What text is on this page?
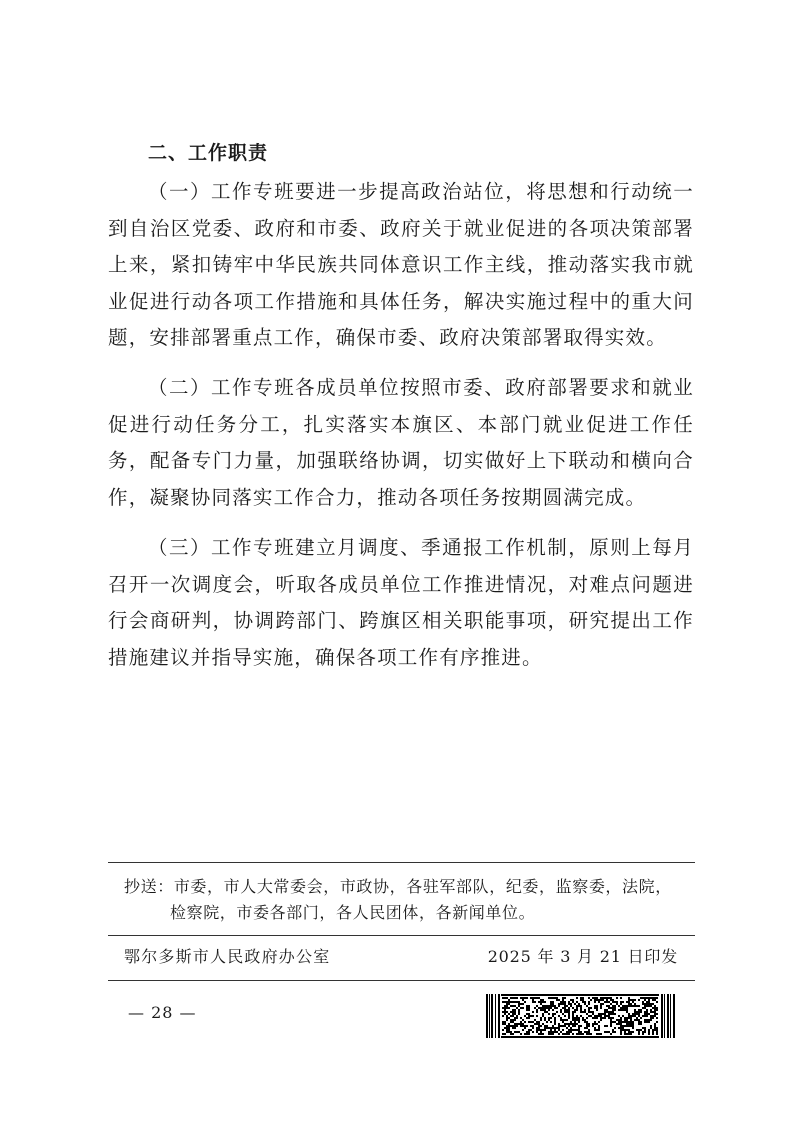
二、工作职责

（一）工作专班要进一步提高政治站位，将思想和行动统一到自治区党委、政府和市委、政府关于就业促进的各项决策部署上来，紧扣铸牢中华民族共同体意识工作主线，推动落实我市就业促进行动各项工作措施和具体任务，解决实施过程中的重大问题，安排部署重点工作，确保市委、政府决策部署取得实效。

（二）工作专班各成员单位按照市委、政府部署要求和就业促进行动任务分工，扎实落实本旗区、本部门就业促进工作任务，配备专门力量，加强联络协调，切实做好上下联动和横向合作，凝聚协同落实工作合力，推动各项任务按期圆满完成。

（三）工作专班建立月调度、季通报工作机制，原则上每月召开一次调度会，听取各成员单位工作推进情况，对难点问题进行会商研判，协调跨部门、跨旗区相关职能事项，研究提出工作措施建议并指导实施，确保各项工作有序推进。

抄送：市委，市人大常委会，市政协，各驻军部队，纪委，监察委，法院，
检察院，市委各部门，各人民团体，各新闻单位。
鄂尔多斯市人民政府办公室	2025 年 3 月 21 日印发
— 28 —
